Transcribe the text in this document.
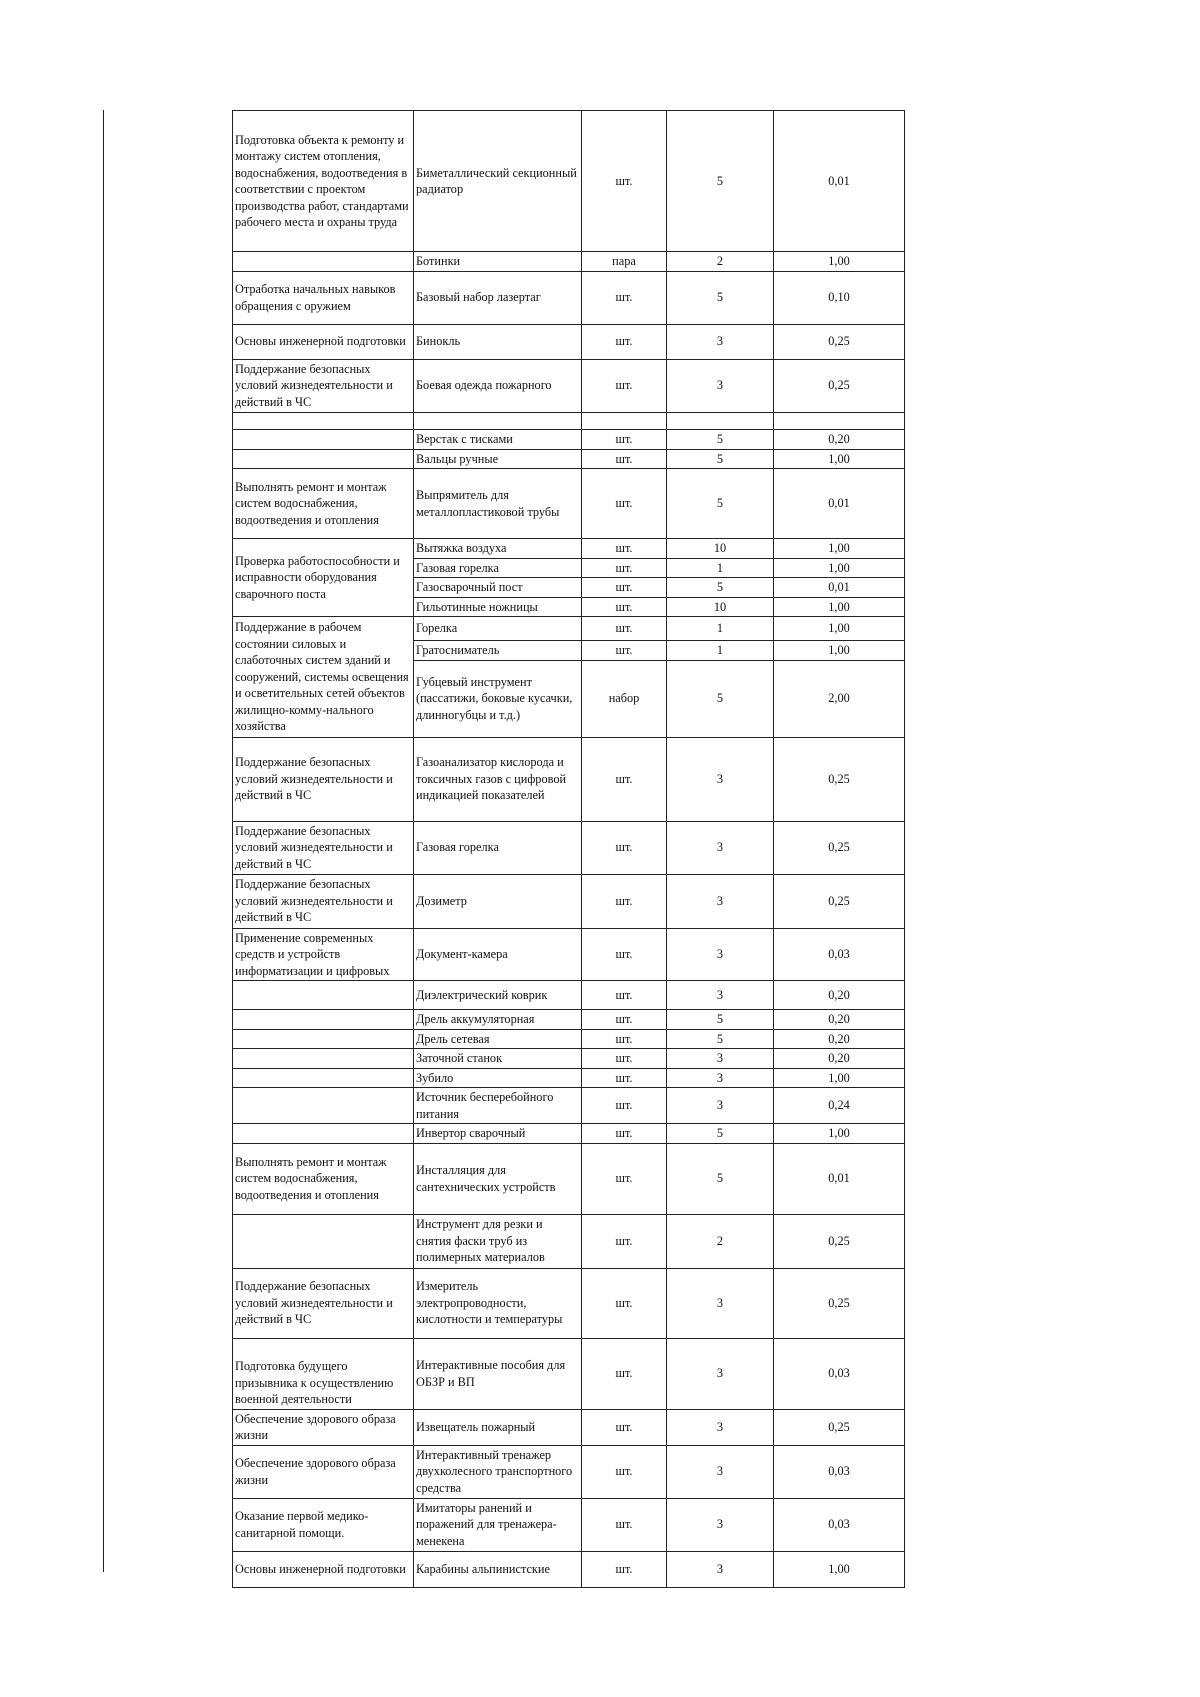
Подготовка объекта к ремонту и монтажу систем отопления, водоснабжения, водоотведения в соответствии с проектом производства работ, стандартами рабочего места и охраны труда	Биметаллический секционный радиатор	шт.	5	0,01
	Ботинки	пара	2	1,00
Отработка начальных навыков обращения с оружием	Базовый набор лазертаг	шт.	5	0,10
Основы инженерной подготовки	Бинокль	шт.	3	0,25
Поддержание безопасных условий жизнедеятельности и действий в ЧС	Боевая одежда пожарного	шт.	3	0,25

	Верстак с тисками	шт.	5	0,20
	Вальцы ручные	шт.	5	1,00
Выполнять ремонт и монтаж систем водоснабжения, водоотведения и отопления	Выпрямитель для металлопластиковой трубы	шт.	5	0,01
Проверка работоспособности и исправности оборудования сварочного поста	Вытяжка воздуха	шт.	10	1,00
	Газовая горелка	шт.	1	1,00
	Газосварочный пост	шт.	5	0,01
	Гильотинные ножницы	шт.	10	1,00
Поддержание в рабочем состоянии силовых и слаботочных систем зданий и сооружений, системы освещения и осветительных сетей объектов жилищно-комму-нального хозяйства	Горелка	шт.	1	1,00
	Гратосниматель	шт.	1	1,00
	Губцевый инструмент (пассатижи, боковые кусачки, длинногубцы и т.д.)	набор	5	2,00
Поддержание безопасных условий жизнедеятельности и действий в ЧС	Газоанализатор кислорода и токсичных газов с цифровой индикацией показателей	шт.	3	0,25
Поддержание безопасных условий жизнедеятельности и действий в ЧС	Газовая горелка	шт.	3	0,25
Поддержание безопасных условий жизнедеятельности и действий в ЧС	Дозиметр	шт.	3	0,25
Применение современных средств и устройств информатизации и цифровых	Документ-камера	шт.	3	0,03
	Диэлектрический коврик	шт.	3	0,20
	Дрель аккумуляторная	шт.	5	0,20
	Дрель сетевая	шт.	5	0,20
	Заточной станок	шт.	3	0,20
	Зубило	шт.	3	1,00
	Источник бесперебойного питания	шт.	3	0,24
	Инвертор сварочный	шт.	5	1,00
Выполнять ремонт и монтаж систем водоснабжения, водоотведения и отопления	Инсталляция для сантехнических устройств	шт.	5	0,01
	Инструмент для резки и снятия фаски труб из полимерных материалов	шт.	2	0,25
Поддержание безопасных условий жизнедеятельности и действий в ЧС	Измеритель электропроводности, кислотности и температуры	шт.	3	0,25
Подготовка будущего призывника к осуществлению военной деятельности	Интерактивные пособия для ОБЗР и ВП	шт.	3	0,03
Обеспечение здорового образа жизни	Извещатель пожарный	шт.	3	0,25
Обеспечение здорового образа жизни	Интерактивный тренажер двухколесного транспортного средства	шт.	3	0,03
Оказание первой медико-санитарной помощи.	Имитаторы ранений и поражений для тренажера-менекена	шт.	3	0,03
Основы инженерной подготовки	Карабины альпинистские	шт.	3	1,00
